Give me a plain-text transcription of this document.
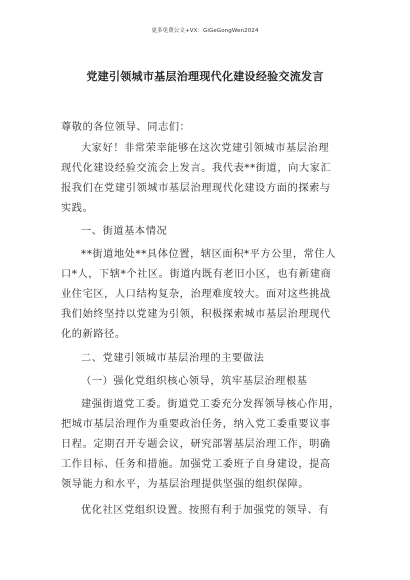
更多免费公文+VX：GiGeGongWen2024
党建引领城市基层治理现代化建设经验交流发言
尊敬的各位领导、同志们：
大家好！非常荣幸能够在这次党建引领城市基层治理
现代化建设经验交流会上发言。我代表**街道，向大家汇
报我们在党建引领城市基层治理现代化建设方面的探索与
实践。
一、街道基本情况
**街道地处**具体位置，辖区面积*平方公里，常住人
口*人，下辖*个社区。街道内既有老旧小区，也有新建商
业住宅区，人口结构复杂，治理难度较大。面对这些挑战
我们始终坚持以党建为引领，积极探索城市基层治理现代
化的新路径。
二、党建引领城市基层治理的主要做法
（一）强化党组织核心领导，筑牢基层治理根基
建强街道党工委。街道党工委充分发挥领导核心作用，
把城市基层治理作为重要政治任务，纳入党工委重要议事
日程。定期召开专题会议，研究部署基层治理工作，明确
工作目标、任务和措施。加强党工委班子自身建设，提高
领导能力和水平，为基层治理提供坚强的组织保障。
优化社区党组织设置。按照有利于加强党的领导、有
